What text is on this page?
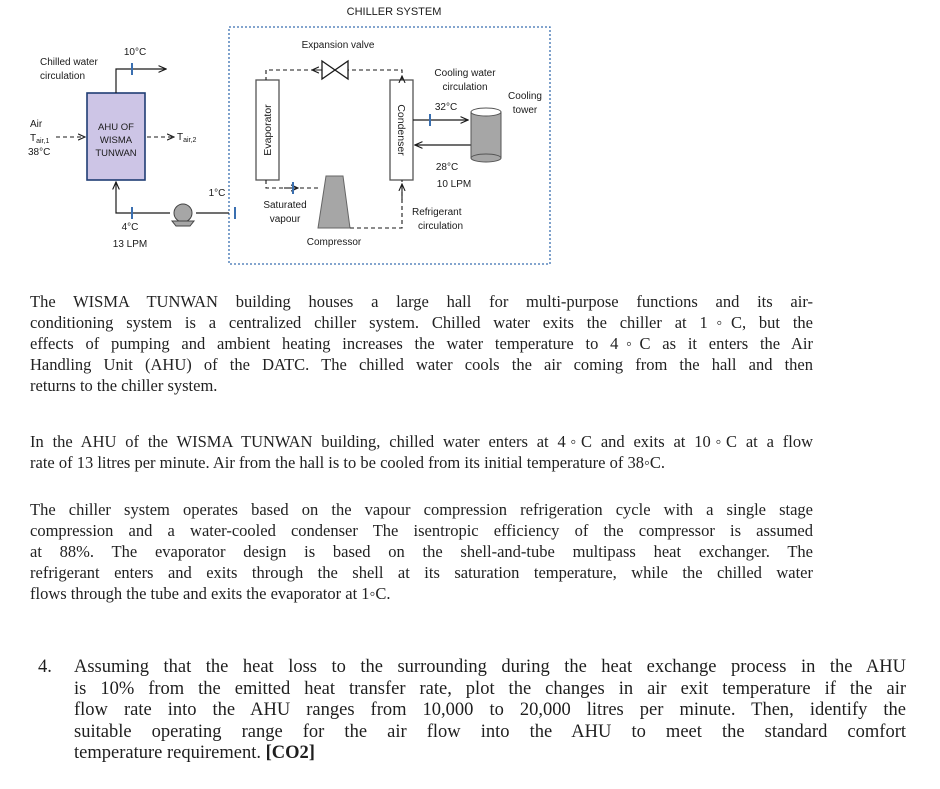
CHILLER SYSTEM
AHU OF
WISMA
TUNWAN
10°C
Chilled water
circulation
1°C
4°C
13 LPM
Air
$T_{air,1}$
38°C
$T_{air,2}$	Evaporator	Condenser
Expansion valve
Saturated
vapour
Compressor
Refrigerant
circulation
Cooling water
circulation
32°C
28°C
10 LPM
Cooling
tower
The WISMA TUNWAN building houses a large hall for multi-purpose functions and its air-
conditioning system is a centralized chiller system. Chilled water exits the chiller at 1◦C, but the
effects of pumping and ambient heating increases the water temperature to 4◦C as it enters the Air
Handling Unit (AHU) of the DATC. The chilled water cools the air coming from the hall and then
returns to the chiller system.
In the AHU of the WISMA TUNWAN building, chilled water enters at 4◦C and exits at 10◦C at a flow
rate of 13 litres per minute. Air from the hall is to be cooled from its initial temperature of 38◦C.
The chiller system operates based on the vapour compression refrigeration cycle with a single stage
compression and a water-cooled condenser The isentropic efficiency of the compressor is assumed
at 88%. The evaporator design is based on the shell-and-tube multipass heat exchanger. The
refrigerant enters and exits through the shell at its saturation temperature, while the chilled water
flows through the tube and exits the evaporator at 1◦C.
4. Assuming that the heat loss to the surrounding during the heat exchange process in the AHU
is 10% from the emitted heat transfer rate, plot the changes in air exit temperature if the air
flow rate into the AHU ranges from 10,000 to 20,000 litres per minute. Then, identify the
suitable operating range for the air flow into the AHU to meet the standard comfort
temperature requirement. [CO2]
